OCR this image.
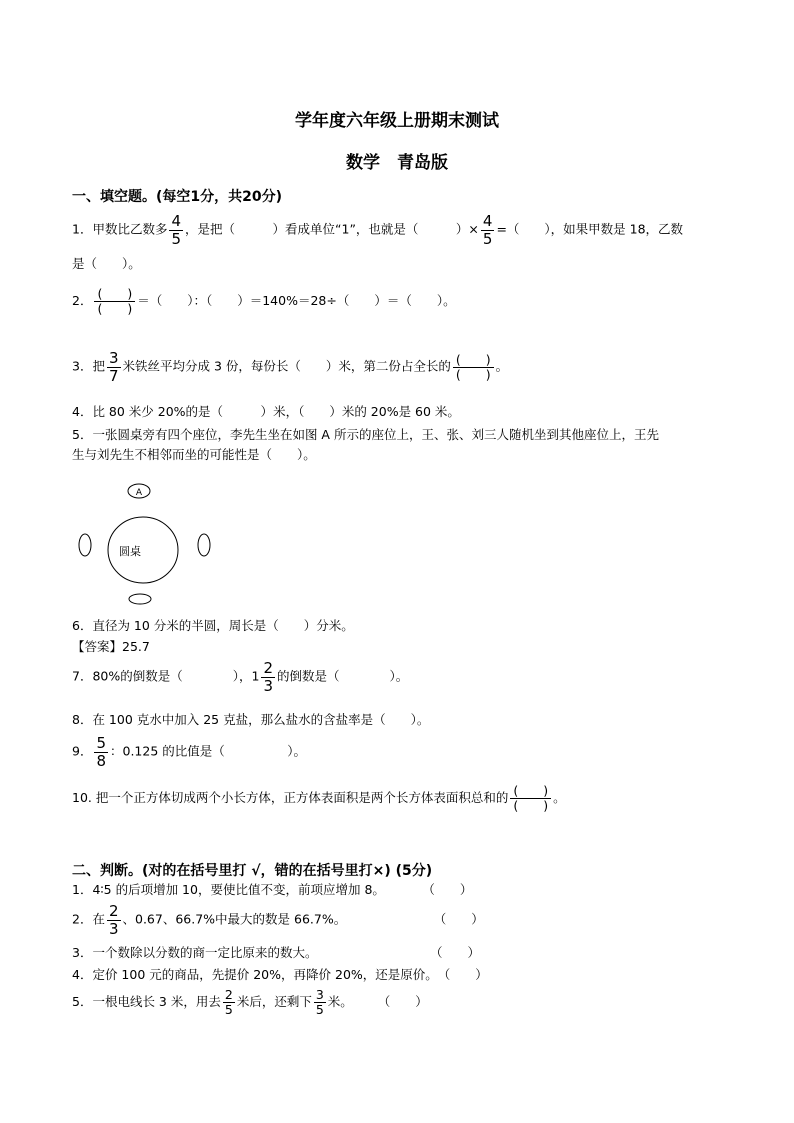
学年度六年级上册期末测试
数学　青岛版
一、填空题。(每空1分，共20分)
1．甲数比乙数多 $\frac{4}{5}$ ，是把（　　　）看成单位“1”，也就是（　　　）× $\frac{4}{5}$ =（　　），如果甲数是 18，乙数
是（　　）。
2． $\frac{( )}{( )}$ ＝（　　）：（　　）＝140%＝28÷（　　）＝（　　）。
3．把 $\frac{3}{7}$ 米铁丝平均分成 3 份，每份长（　　）米，第二份占全长的 $\frac{( )}{( )}$ 。
4．比 80 米少 20%的是（　　　）米，（　　）米的 20%是 60 米。
5．一张圆桌旁有四个座位，李先生坐在如图 A 所示的座位上，王、张、刘三人随机坐到其他座位上，王先
生与刘先生不相邻而坐的可能性是（　　）。
A
圆桌
6．直径为 10 分米的半圆，周长是（　　）分米。
【答案】25.7
7．80%的倒数是（　　　　），$1 \frac{2}{3}$ 的倒数是（　　　　）。
8．在 100 克水中加入 25 克盐，那么盐水的含盐率是（　　）。
9． $\frac{5}{8}$ ：0.125 的比值是（　　　　　）。
10. 把一个正方体切成两个小长方体，正方体表面积是两个长方体表面积总和的 $\frac{( )}{( )}$ 。
二、判断。(对的在括号里打 √，错的在括号里打×) (5分)
1．4∶5 的后项增加 10，要使比值不变，前项应增加 8。　　　　（　　）
2．在 $\frac{2}{3}$ 、0.67、66.7%中最大的数是 66.7%。　　　　　　　　（　　）
3．一个数除以分数的商一定比原来的数大。　　　　　　　　　　（　　）
4．定价 100 元的商品，先提价 20%，再降价 20%，还是原价。　（　　）
5．一根电线长 3 米，用去 $\frac{2}{5}$ 米后，还剩下 $\frac{3}{5}$ 米。　　　（　　）
